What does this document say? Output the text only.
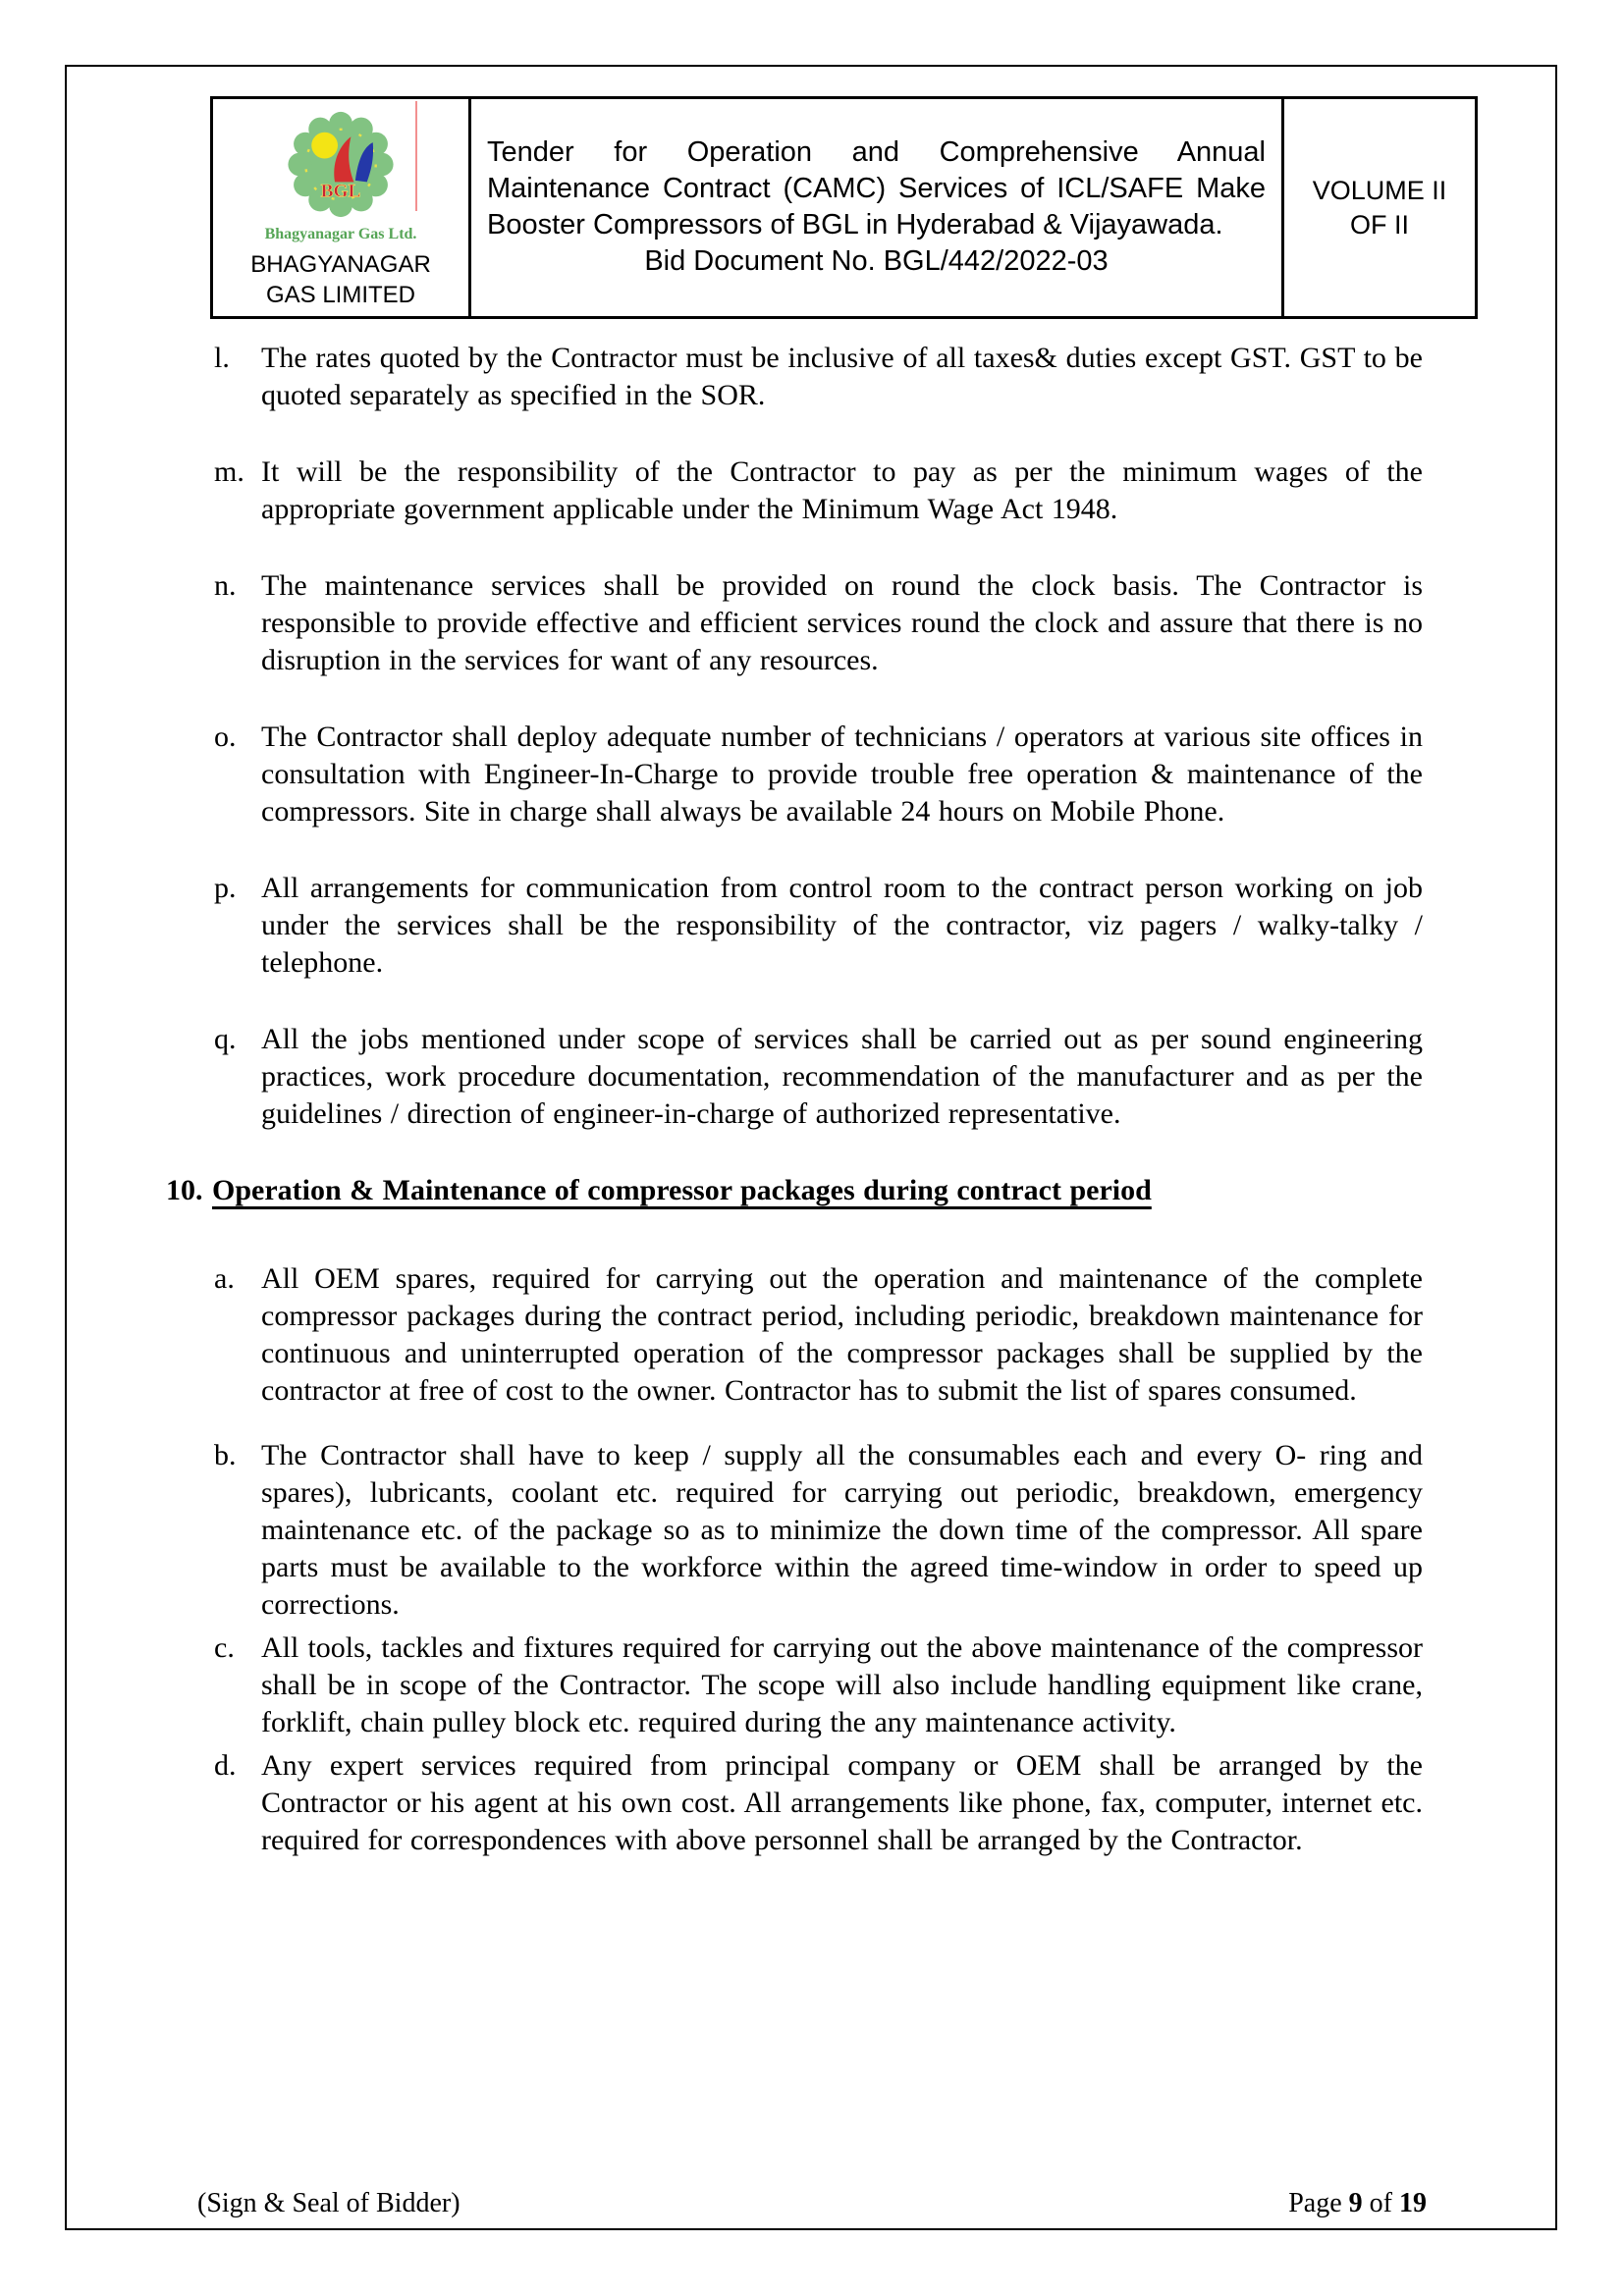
BGL
Bhagyanagar Gas Ltd.
BHAGYANAGAR GAS LIMITED

Tender for Operation and Comprehensive Annual Maintenance Contract (CAMC) Services of ICL/SAFE Make Booster Compressors of BGL in Hyderabad & Vijayawada.
Bid Document No. BGL/442/2022-03

VOLUME II
OF II
l. The rates quoted by the Contractor must be inclusive of all taxes& duties except GST. GST to be quoted separately as specified in the SOR.
m. It will be the responsibility of the Contractor to pay as per the minimum wages of the appropriate government applicable under the Minimum Wage Act 1948.
n. The maintenance services shall be provided on round the clock basis. The Contractor is responsible to provide effective and efficient services round the clock and assure that there is no disruption in the services for want of any resources.
o. The Contractor shall deploy adequate number of technicians / operators at various site offices in consultation with Engineer-In-Charge to provide trouble free operation & maintenance of the compressors. Site in charge shall always be available 24 hours on Mobile Phone.
p. All arrangements for communication from control room to the contract person working on job under the services shall be the responsibility of the contractor, viz pagers / walky-talky / telephone.
q. All the jobs mentioned under scope of services shall be carried out as per sound engineering practices, work procedure documentation, recommendation of the manufacturer and as per the guidelines / direction of engineer-in-charge of authorized representative.
10. Operation & Maintenance of compressor packages during contract period
a. All OEM spares, required for carrying out the operation and maintenance of the complete compressor packages during the contract period, including periodic, breakdown maintenance for continuous and uninterrupted operation of the compressor packages shall be supplied by the contractor at free of cost to the owner. Contractor has to submit the list of spares consumed.
b. The Contractor shall have to keep / supply all the consumables each and every O- ring and spares), lubricants, coolant etc. required for carrying out periodic, breakdown, emergency maintenance etc. of the package so as to minimize the down time of the compressor. All spare parts must be available to the workforce within the agreed time-window in order to speed up corrections.
c. All tools, tackles and fixtures required for carrying out the above maintenance of the compressor shall be in scope of the Contractor. The scope will also include handling equipment like crane, forklift, chain pulley block etc. required during the any maintenance activity.
d. Any expert services required from principal company or OEM shall be arranged by the Contractor or his agent at his own cost. All arrangements like phone, fax, computer, internet etc. required for correspondences with above personnel shall be arranged by the Contractor.
(Sign & Seal of Bidder)	Page 9 of 19
